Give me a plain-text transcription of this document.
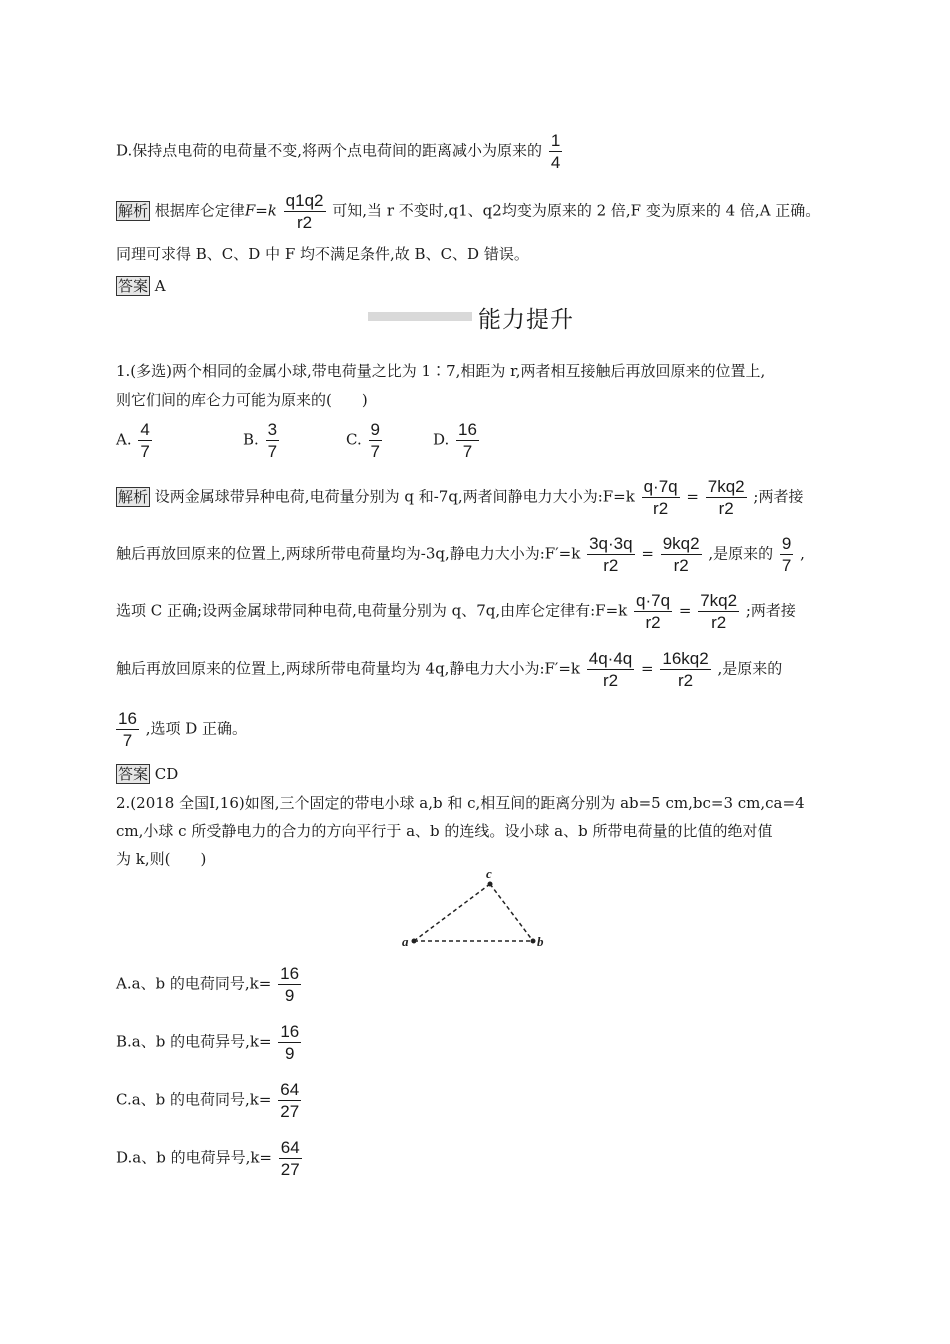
D.保持点电荷的电荷量不变,将两个点电荷间的距离减小为原来的 $\frac{1}{4}$
解析 根据库仑定律$F=k \frac{q1q2}{r2}$ 可知,当 r 不变时,q1、q2均变为原来的 2 倍,F 变为原来的 4 倍,A 正确。
同理可求得 B、C、D 中 F 均不满足条件,故 B、C、D 错误。
答案 A
能力提升
1.(多选)两个相同的金属小球,带电荷量之比为 1∶7,相距为 r,两者相互接触后再放回原来的位置上,
则它们间的库仑力可能为原来的(　　)
A. $\frac{4}{7}$	B. $\frac{3}{7}$	C. $\frac{9}{7}$	D. $\frac{16}{7}$
解析 设两金属球带异种电荷,电荷量分别为 q 和-7q,两者间静电力大小为:F=k $\frac{q\cdot 7q}{r2} = \frac{7kq2}{r2}$ ;两者接
触后再放回原来的位置上,两球所带电荷量均为-3q,静电力大小为:F′=k $\frac{3q\cdot 3q}{r2} = \frac{9kq2}{r2}$ ,是原来的 $\frac{9}{7}$ ,
选项 C 正确;设两金属球带同种电荷,电荷量分别为 q、7q,由库仑定律有:F=k $\frac{q\cdot 7q}{r2} = \frac{7kq2}{r2}$ ;两者接
触后再放回原来的位置上,两球所带电荷量均为 4q,静电力大小为:F′=k $\frac{4q\cdot 4q}{r2} = \frac{16kq2}{r2}$ ,是原来的
$\frac{16}{7}$ ,选项 D 正确。
答案 CD
2.(2018 全国Ⅰ,16)如图,三个固定的带电小球 a,b 和 c,相互间的距离分别为 ab=5 cm,bc=3 cm,ca=4
cm,小球 c 所受静电力的合力的方向平行于 a、b 的连线。设小球 a、b 所带电荷量的比值的绝对值
为 k,则(　　)
a	b
c
A.a、b 的电荷同号$,k= \frac{16}{9}$
B.a、b 的电荷异号$,k= \frac{16}{9}$
C.a、b 的电荷同号$,k= \frac{64}{27}$
D.a、b 的电荷异号$,k= \frac{64}{27}$
